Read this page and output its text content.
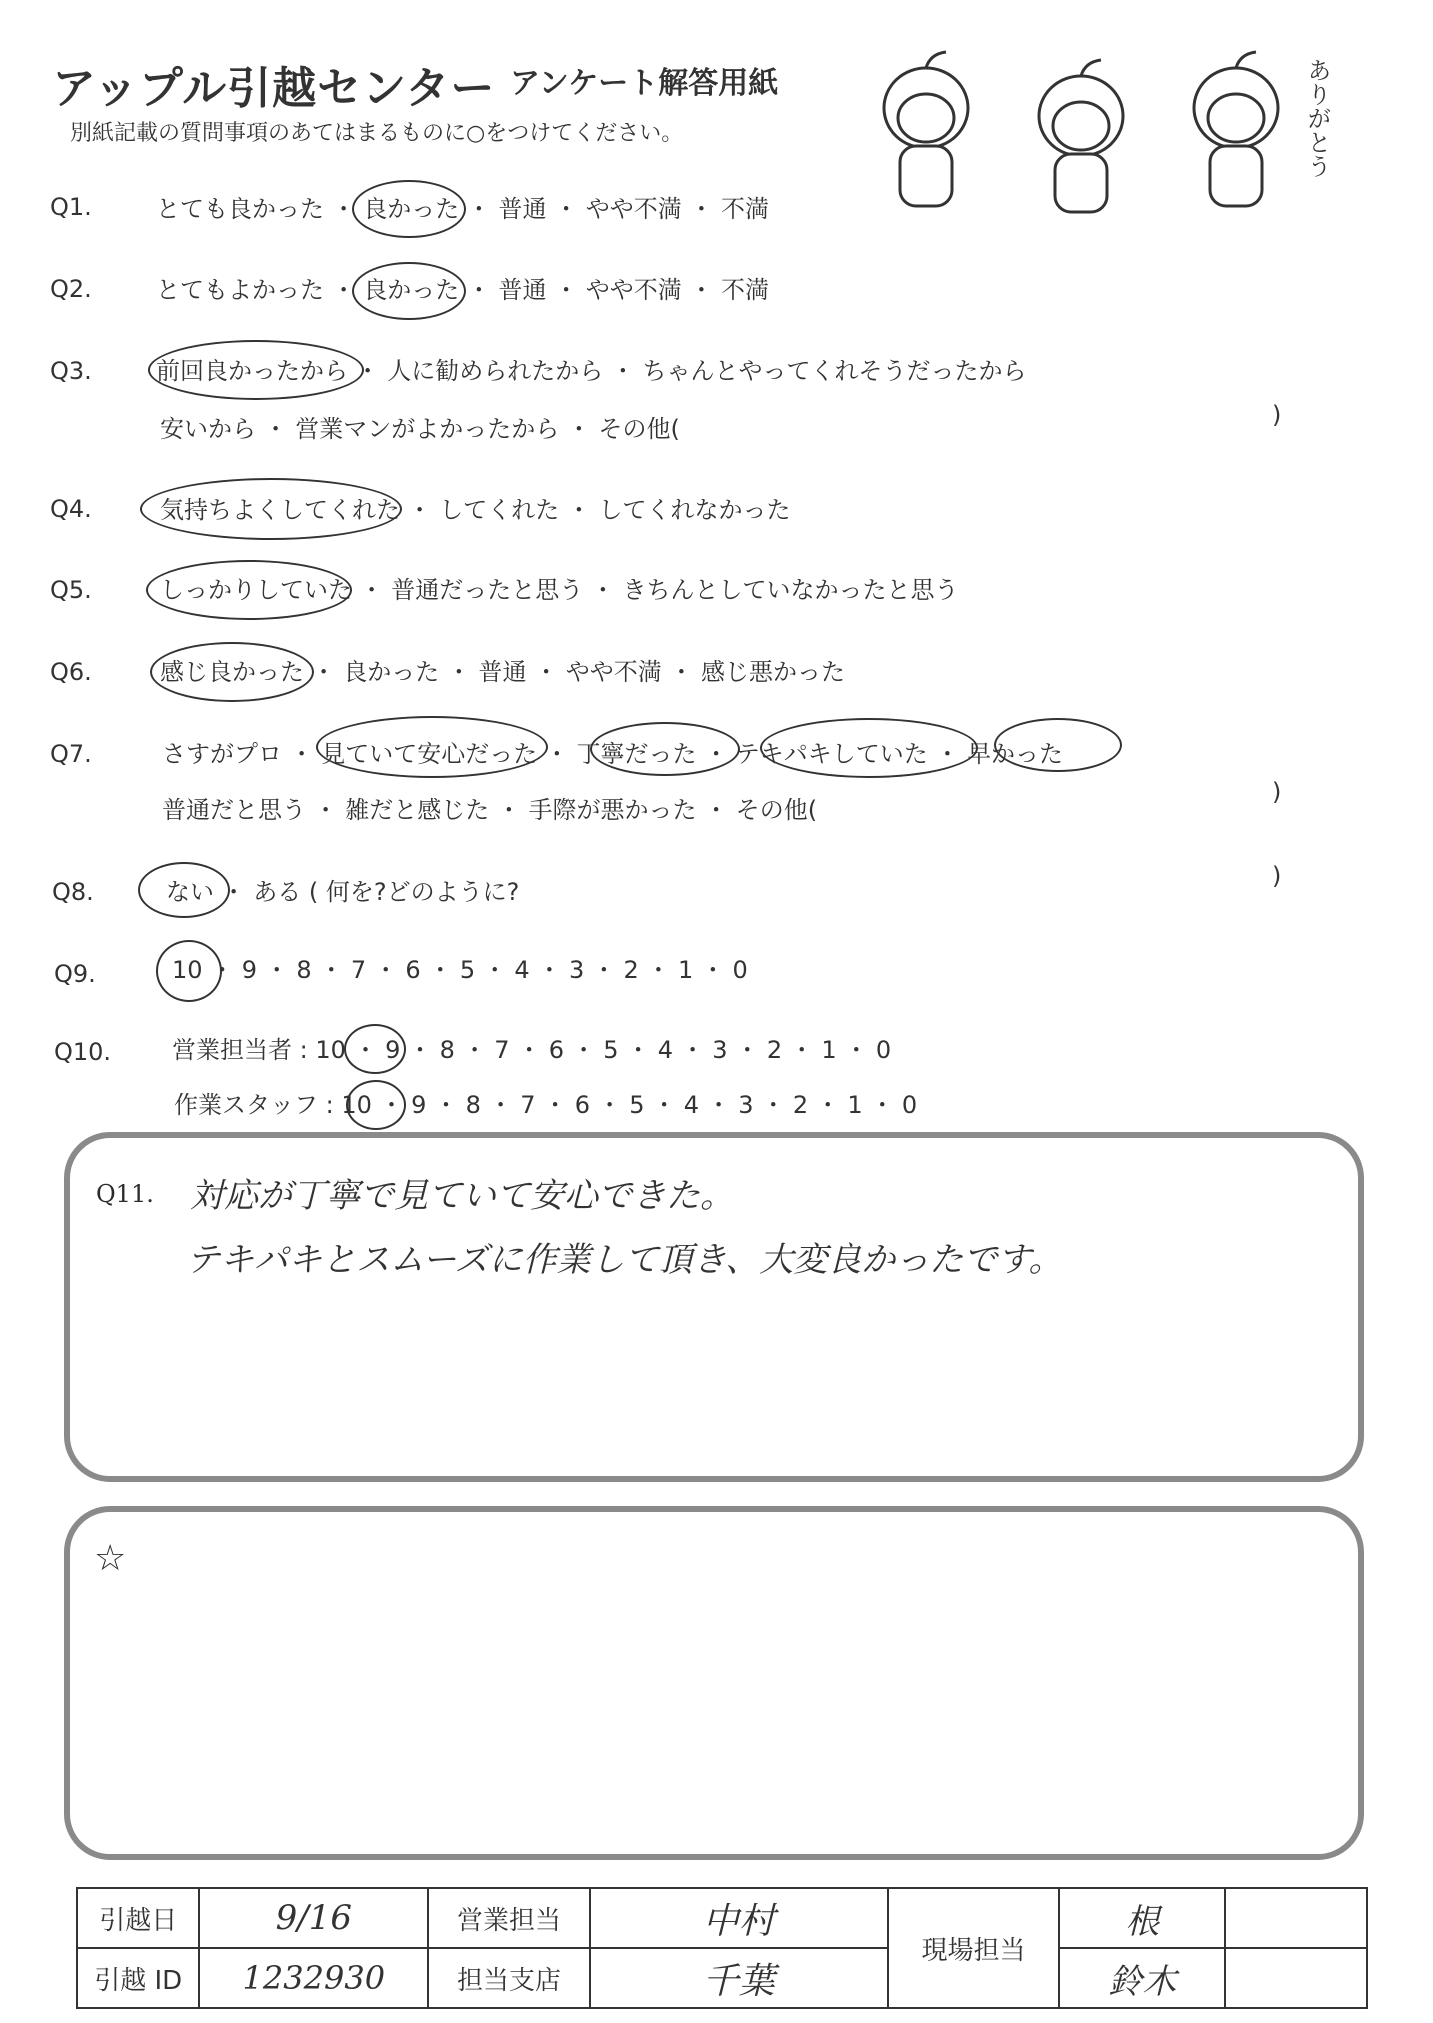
アップル引越センター アンケート解答用紙
別紙記載の質問事項のあてはまるものに○をつけてください。	ありがとう
Q1.	とても良かった ・ 良かった ・ 普通 ・ やや不満 ・ 不満
Q2.	とてもよかった ・ 良かった ・ 普通 ・ やや不満 ・ 不満
Q3.	前回良かったから ・ 人に勧められたから ・ ちゃんとやってくれそうだったから
安いから ・ 営業マンがよかったから ・ その他(	)
Q4.	気持ちよくしてくれた ・ してくれた ・ してくれなかった
Q5.	しっかりしていた ・ 普通だったと思う ・ きちんとしていなかったと思う
Q6.	感じ良かった ・ 良かった ・ 普通 ・ やや不満 ・ 感じ悪かった
Q7.	さすがプロ ・ 見ていて安心だった ・ 丁寧だった ・ テキパキしていた ・ 早かった
普通だと思う ・ 雑だと感じた ・ 手際が悪かった ・ その他(
)
Q8.	ない ・ ある ( 何を?どのように?
)
Q9.	10 ・ 9 ・ 8 ・ 7 ・ 6 ・ 5 ・ 4 ・ 3 ・ 2 ・ 1 ・ 0
Q10.	営業担当者 : 10 ・ 9 ・ 8 ・ 7 ・ 6 ・ 5 ・ 4 ・ 3 ・ 2 ・ 1 ・ 0
作業スタッフ : 10 ・ 9 ・ 8 ・ 7 ・ 6 ・ 5 ・ 4 ・ 3 ・ 2 ・ 1 ・ 0
Q11. 対応が丁寧で見ていて安心できた。
テキパキとスムーズに作業して頂き、大変良かったです。
☆
引越日	9/16	営業担当	中村	現場担当	根	
引越 ID	1232930	担当支店	千葉		鈴木	
